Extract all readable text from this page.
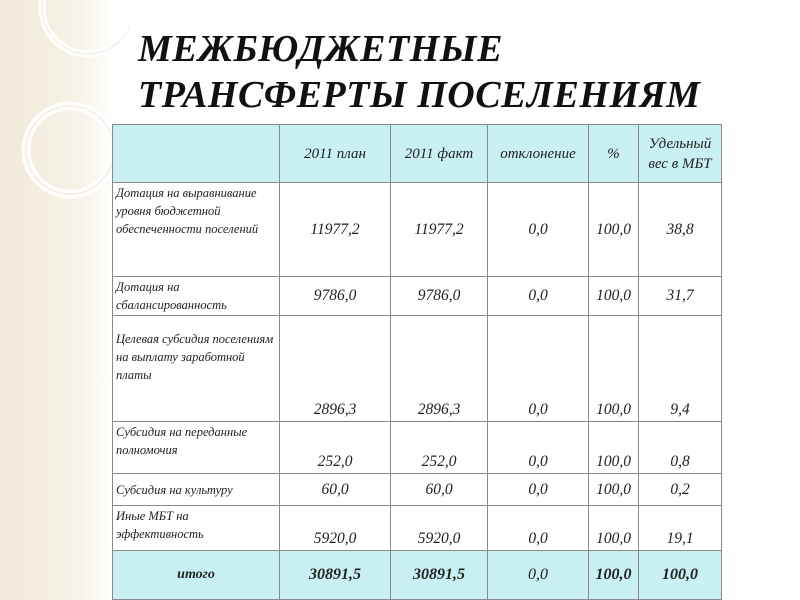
МЕЖБЮДЖЕТНЫЕ
ТРАНСФЕРТЫ ПОСЕЛЕНИЯМ
	2011 план	2011 факт	отклонение	%	Удельный вес в МБТ
Дотация на выравнивание уровня бюджетной обеспеченности поселений	11977,2	11977,2	0,0	100,0	38,8
Дотация на сбалансированность	9786,0	9786,0	0,0	100,0	31,7
Целевая субсидия поселениям на выплату заработной платы	2896,3	2896,3	0,0	100,0	9,4
Субсидия на переданные полномочия	252,0	252,0	0,0	100,0	0,8
Субсидия на культуру	60,0	60,0	0,0	100,0	0,2
Иные МБТ на эффективность	5920,0	5920,0	0,0	100,0	19,1
итого	30891,5	30891,5	0,0	100,0	100,0
